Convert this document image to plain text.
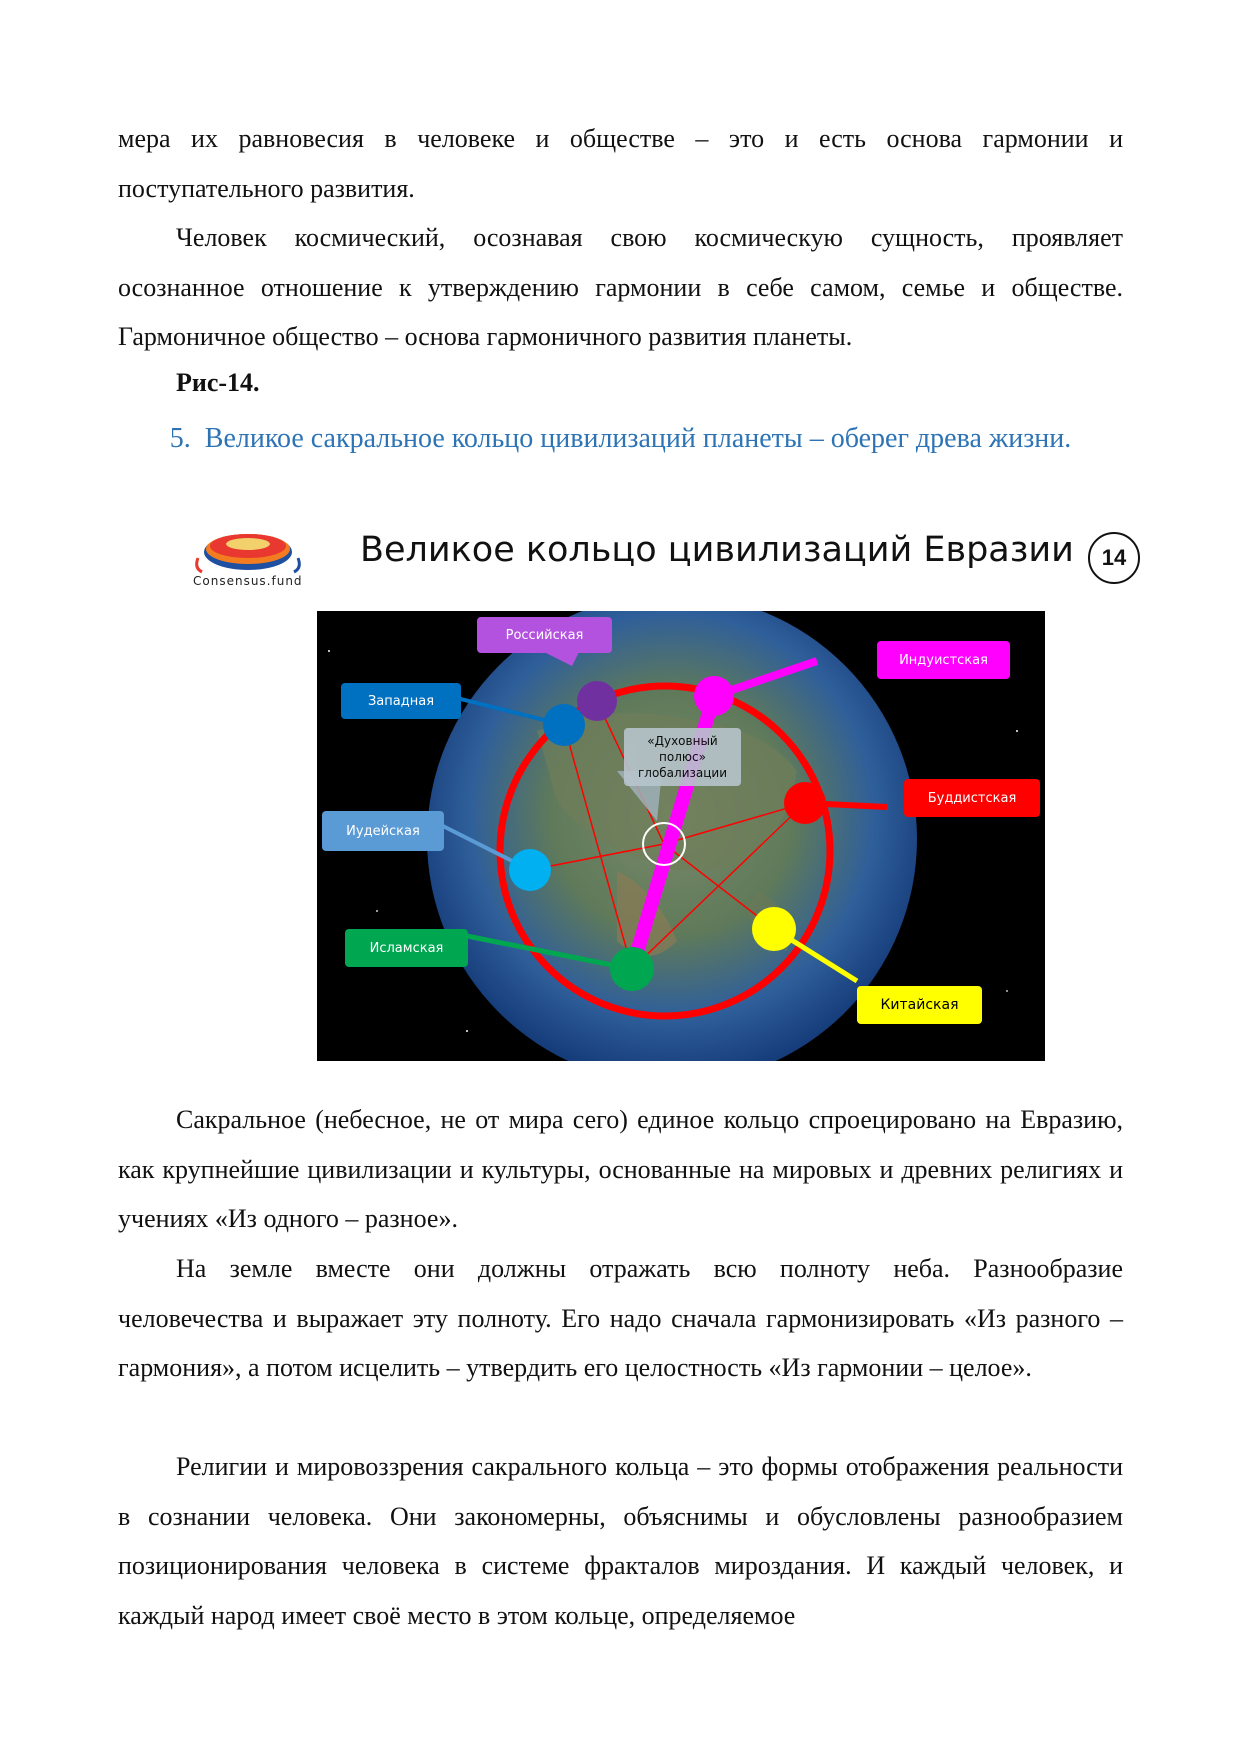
мера их равновесия в человеке и обществе – это и есть основа гармонии и поступательного развития.

Человек космический, осознавая свою космическую сущность, проявляет осознанное отношение к утверждению гармонии в себе самом, семье и обществе. Гармоничное общество – основа гармоничного развития планеты.

Рис-14.

5. Великое сакральное кольцо цивилизаций планеты – оберег древа жизни.
Consensus.fund
Великое кольцо цивилизаций Евразии	14
Российская
Индуистская
Западная
Буддистская
Иудейская
Исламская
Китайская
«Духовный полюс» глобализации

Сакральное (небесное, не от мира сего) единое кольцо спроецировано на Евразию, как крупнейшие цивилизации и культуры, основанные на мировых и древних религиях и учениях «Из одного – разное».

На земле вместе они должны отражать всю полноту неба. Разнообразие человечества и выражает эту полноту. Его надо сначала гармонизировать «Из разного – гармония», а потом исцелить – утвердить его целостность «Из гармонии – целое».

Религии и мировоззрения сакрального кольца – это формы отображения реальности в сознании человека. Они закономерны, объяснимы и обусловлены разнообразием позиционирования человека в системе фракталов мироздания. И каждый человек, и каждый народ имеет своё место в этом кольце, определяемое
